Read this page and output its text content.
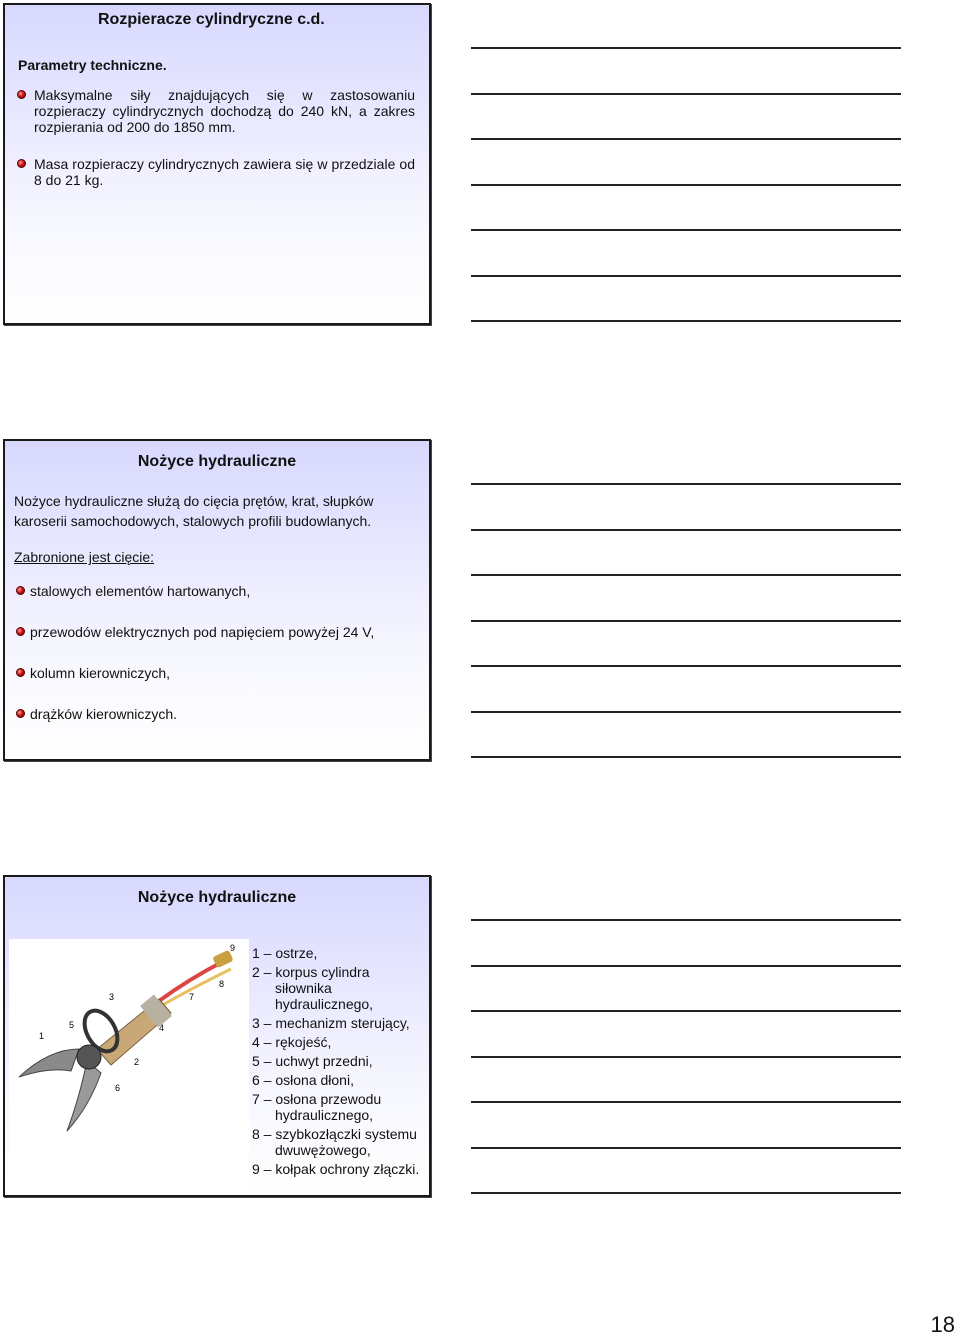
Rozpieracze cylindryczne c.d.
Parametry techniczne.
Maksymalne siły znajdujących się w zastosowaniu rozpieraczy cylindrycznych dochodzą do 240 kN, a zakres rozpierania od 200 do 1850 mm.
Masa rozpieraczy cylindrycznych zawiera się w przedziale od 8 do 21 kg.
Nożyce hydrauliczne
Nożyce hydrauliczne służą do cięcia prętów, krat, słupków karoserii samochodowych, stalowych profili budowlanych.
Zabronione jest cięcie:
stalowych elementów hartowanych,
przewodów elektrycznych pod napięciem powyżej 24 V,
kolumn kierowniczych,
drążków kierowniczych.
Nożyce hydrauliczne
1
2
3
4
5
6
7
8
9 1 – ostrze,
2 – korpus cylindra siłownika hydraulicznego,
3 – mechanizm sterujący,
4 – rękojeść,
5 – uchwyt przedni,
6 – osłona dłoni,
7 – osłona przewodu hydraulicznego,
8 – szybkozłączki systemu dwuwężowego,
9 – kołpak ochrony złączki.
18
